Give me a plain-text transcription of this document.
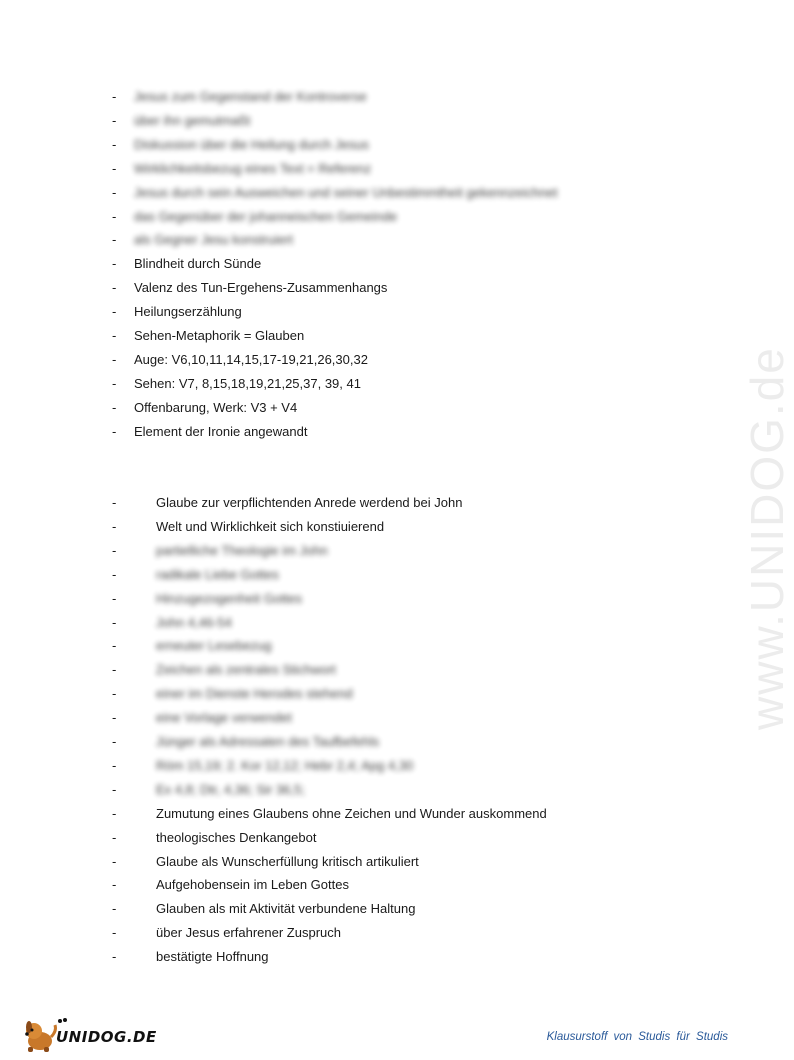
www.UNIDOG.de
- Jesus zum Gegenstand der Kontroverse
- über ihn gemutmaßt
- Diskussion über die Heilung durch Jesus
- Wirklichkeitsbezug eines Text = Referenz
- Jesus durch sein Ausweichen und seiner Unbestimmtheit gekennzeichnet
- das Gegenüber der johanneischen Gemeinde
- als Gegner Jesu konstruiert
- Blindheit durch Sünde
- Valenz des Tun-Ergehens-Zusammenhangs
- Heilungserzählung
- Sehen-Metaphorik = Glauben
- Auge: V6,10,11,14,15,17-19,21,26,30,32
- Sehen: V7, 8,15,18,19,21,25,37, 39, 41
- Offenbarung, Werk: V3 + V4
- Element der Ironie angewandt
-	Glaube zur verpflichtenden Anrede werdend bei John
-	Welt und Wirklichkeit sich konstiuierend
-	partielliche Theologie im John
-	radikale Liebe Gottes
-	Hinzugezogenheit Gottes
-	John 4,46-54
-	erneuter Lesebezug
-	Zeichen als zentrales Stichwort
-	einer im Dienste Herodes stehend
-	eine Vorlage verwendet
-	Jünger als Adressaten des Taufbefehls
-	Röm 15,19; 2. Kor 12,12; Hebr 2,4; Apg 4,30
-	Ex 4,8; Dtr, 4,36; Sir 36,5;
-	Zumutung eines Glaubens ohne Zeichen und Wunder auskommend
-	theologisches Denkangebot
-	Glaube als Wunscherfüllung kritisch artikuliert
-	Aufgehobensein im Leben Gottes
-	Glauben als mit Aktivität verbundene Haltung
-	über Jesus erfahrener Zuspruch
-	bestätigte Hoffnung
UNIDOG.DE	Klausurstoff von Studis für Studis
